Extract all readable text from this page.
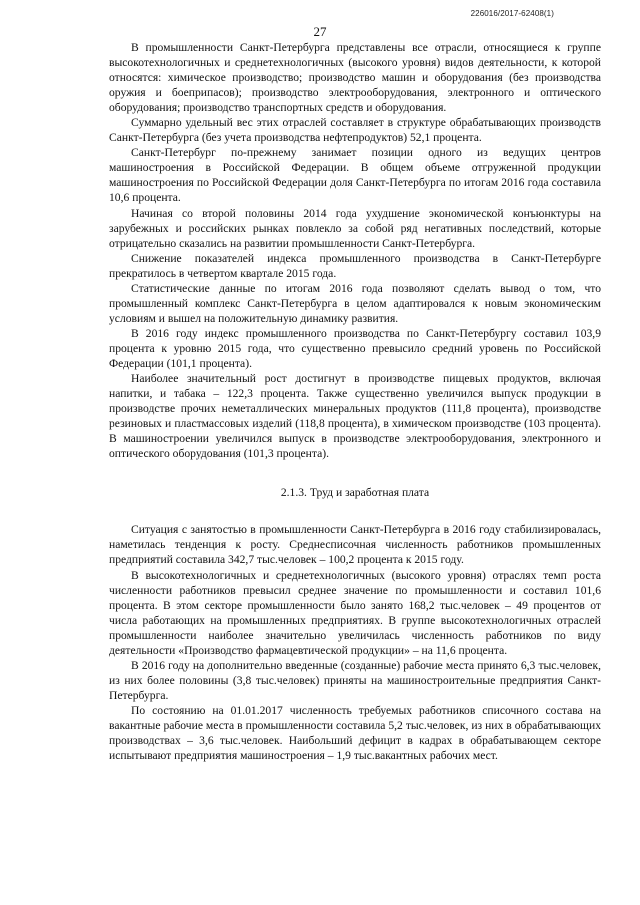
226016/2017-62408(1)
27

В промышленности Санкт-Петербурга представлены все отрасли, относящиеся к группе высокотехнологичных и среднетехнологичных (высокого уровня) видов деятельности, к которой относятся: химическое производство; производство машин и оборудования (без производства оружия и боеприпасов); производство электрооборудования, электронного и оптического оборудования; производство транспортных средств и оборудования.

Суммарно удельный вес этих отраслей составляет в структуре обрабатывающих производств Санкт-Петербурга (без учета производства нефтепродуктов) 52,1 процента.

Санкт-Петербург по-прежнему занимает позиции одного из ведущих центров машиностроения в Российской Федерации. В общем объеме отгруженной продукции машиностроения по Российской Федерации доля Санкт-Петербурга по итогам 2016 года составила 10,6 процента.

Начиная со второй половины 2014 года ухудшение экономической конъюнктуры на зарубежных и российских рынках повлекло за собой ряд негативных последствий, которые отрицательно сказались на развитии промышленности Санкт-Петербурга.

Снижение показателей индекса промышленного производства в Санкт-Петербурге прекратилось в четвертом квартале 2015 года.

Статистические данные по итогам 2016 года позволяют сделать вывод о том, что промышленный комплекс Санкт-Петербурга в целом адаптировался к новым экономическим условиям и вышел на положительную динамику развития.

В 2016 году индекс промышленного производства по Санкт-Петербургу составил 103,9 процента к уровню 2015 года, что существенно превысило средний уровень по Российской Федерации (101,1 процента).

Наиболее значительный рост достигнут в производстве пищевых продуктов, включая напитки, и табака – 122,3 процента. Также существенно увеличился выпуск продукции в производстве прочих неметаллических минеральных продуктов (111,8 процента), производстве резиновых и пластмассовых изделий (118,8 процента), в химическом производстве (103 процента). В машиностроении увеличился выпуск в производстве электрооборудования, электронного и оптического оборудования (101,3 процента).

2.1.3. Труд и заработная плата

Ситуация с занятостью в промышленности Санкт-Петербурга в 2016 году стабилизировалась, наметилась тенденция к росту. Среднесписочная численность работников промышленных предприятий составила 342,7 тыс.человек – 100,2 процента к 2015 году.

В высокотехнологичных и среднетехнологичных (высокого уровня) отраслях темп роста численности работников превысил среднее значение по промышленности и составил 101,6 процента. В этом секторе промышленности было занято 168,2 тыс.человек – 49 процентов от числа работающих на промышленных предприятиях. В группе высокотехнологичных отраслей промышленности наиболее значительно увеличилась численность работников по виду деятельности «Производство фармацевтической продукции» – на 11,6 процента.

В 2016 году на дополнительно введенные (созданные) рабочие места принято 6,3 тыс.человек, из них более половины (3,8 тыс.человек) приняты на машиностроительные предприятия Санкт-Петербурга.

По состоянию на 01.01.2017 численность требуемых работников списочного состава на вакантные рабочие места в промышленности составила 5,2 тыс.человек, из них в обрабатывающих производствах – 3,6 тыс.человек. Наибольший дефицит в кадрах в обрабатывающем секторе испытывают предприятия машиностроения – 1,9 тыс.вакантных рабочих мест.
